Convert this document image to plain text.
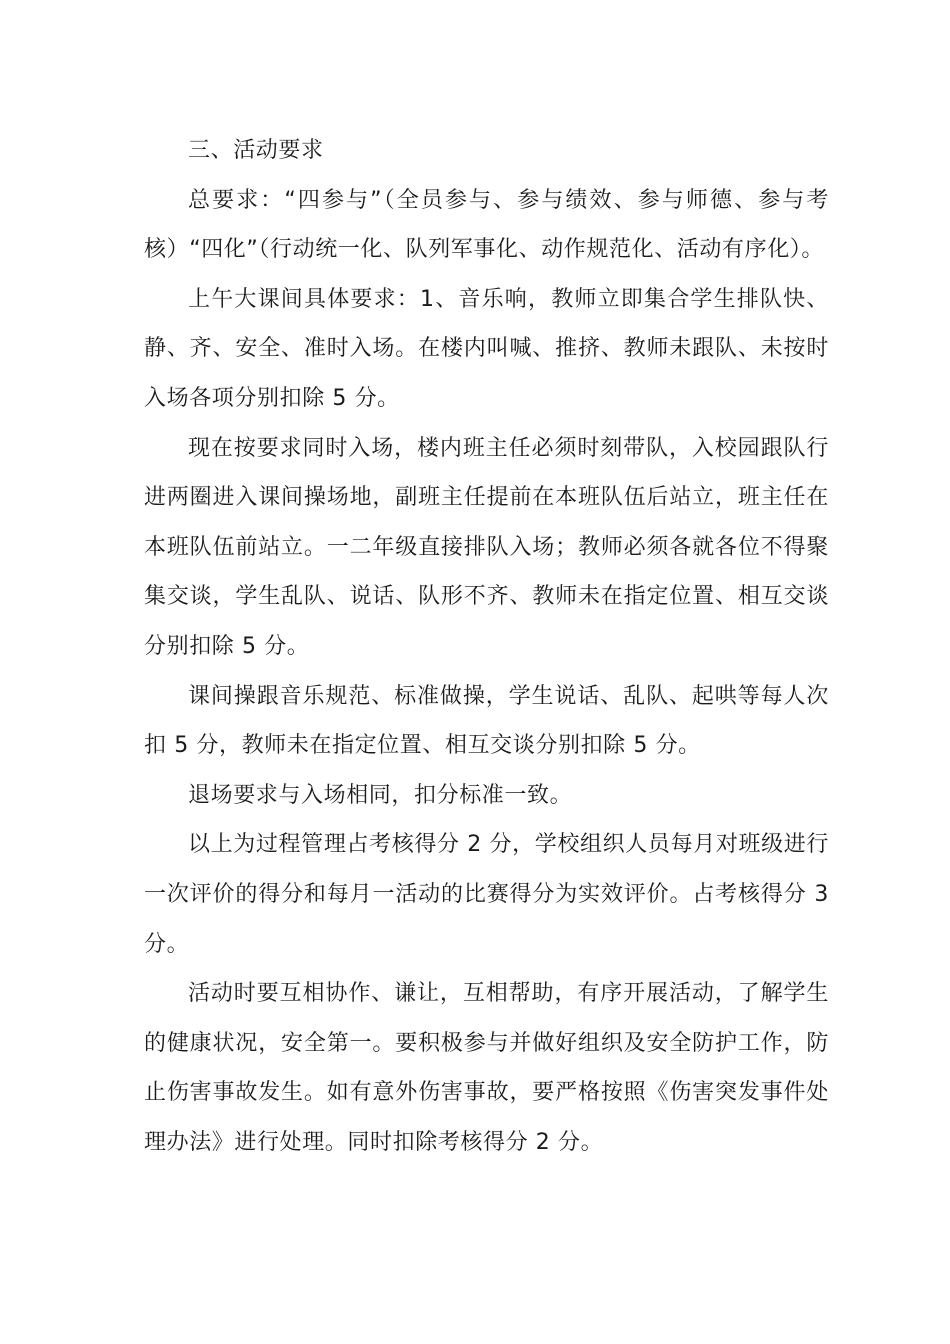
三、活动要求

总要求：“四参与”（全员参与、参与绩效、参与师德、参与考核）“四化”（行动统一化、队列军事化、动作规范化、活动有序化）。

上午大课间具体要求：1、音乐响，教师立即集合学生排队快、静、齐、安全、准时入场。在楼内叫喊、推挤、教师未跟队、未按时入场各项分别扣除 5 分。

现在按要求同时入场，楼内班主任必须时刻带队，入校园跟队行进两圈进入课间操场地，副班主任提前在本班队伍后站立，班主任在本班队伍前站立。一二年级直接排队入场；教师必须各就各位不得聚集交谈，学生乱队、说话、队形不齐、教师未在指定位置、相互交谈分别扣除 5 分。

课间操跟音乐规范、标准做操，学生说话、乱队、起哄等每人次扣 5 分，教师未在指定位置、相互交谈分别扣除 5 分。

退场要求与入场相同，扣分标准一致。

以上为过程管理占考核得分 2 分，学校组织人员每月对班级进行一次评价的得分和每月一活动的比赛得分为实效评价。占考核得分 3 分。

活动时要互相协作、谦让，互相帮助，有序开展活动，了解学生的健康状况，安全第一。要积极参与并做好组织及安全防护工作，防止伤害事故发生。如有意外伤害事故，要严格按照《伤害突发事件处理办法》进行处理。同时扣除考核得分 2 分。
